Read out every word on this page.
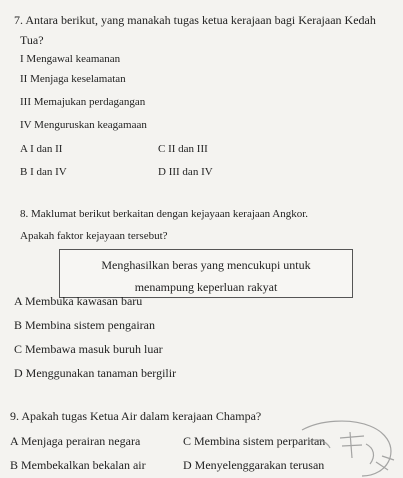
7. Antara berikut, yang manakah tugas ketua kerajaan bagi Kerajaan Kedah
Tua?
I Mengawal keamanan
II Menjaga keselamatan
III Memajukan perdagangan
IV Menguruskan keagamaan
A I dan II	C II dan III
B I dan IV	D III dan IV
8. Maklumat berikut berkaitan dengan kejayaan kerajaan Angkor.
Apakah faktor kejayaan tersebut?
Menghasilkan beras yang mencukupi untuk
menampung keperluan rakyat
A Membuka kawasan baru
B Membina sistem pengairan
C Membawa masuk buruh luar
D Menggunakan tanaman bergilir
9. Apakah tugas Ketua Air dalam kerajaan Champa?
A Menjaga perairan negara	C Membina sistem perparitan
B Membekalkan bekalan air	D Menyelenggarakan terusan
